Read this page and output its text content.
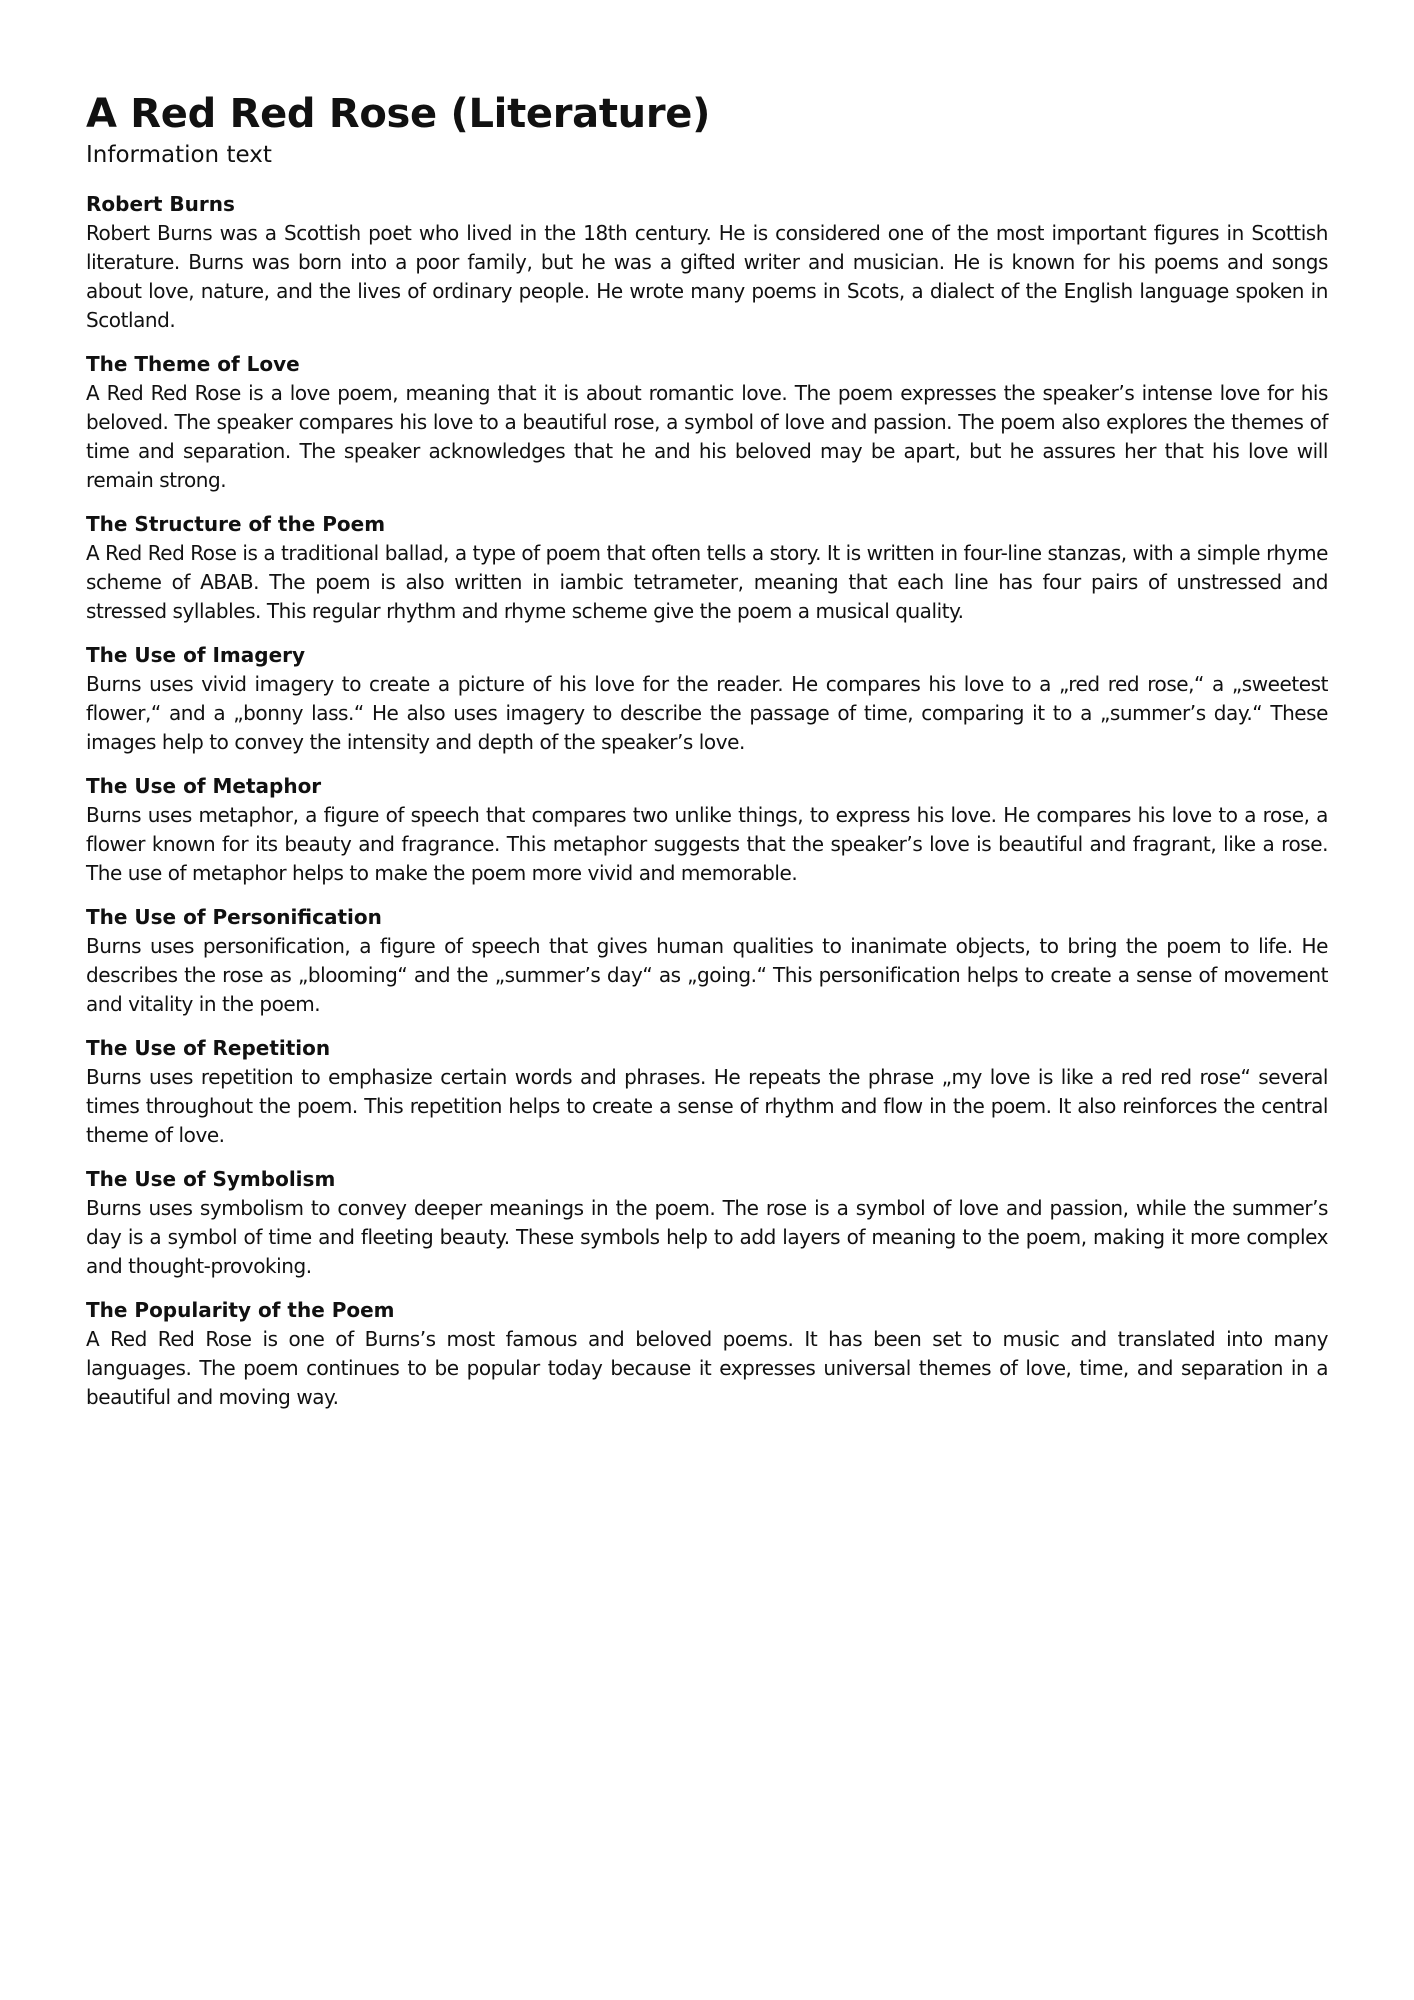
A Red Red Rose (Literature)

Information text

Robert Burns

Robert Burns was a Scottish poet who lived in the 18th century. He is considered one of the most important figures in Scottish literature. Burns was born into a poor family, but he was a gifted writer and musician. He is known for his poems and songs about love, nature, and the lives of ordinary people. He wrote many poems in Scots, a dialect of the English language spoken in Scotland.

The Theme of Love

A Red Red Rose is a love poem, meaning that it is about romantic love. The poem expresses the speaker’s intense love for his beloved. The speaker compares his love to a beautiful rose, a symbol of love and passion. The poem also explores the themes of time and separation. The speaker acknowledges that he and his beloved may be apart, but he assures her that his love will remain strong.

The Structure of the Poem

A Red Red Rose is a traditional ballad, a type of poem that often tells a story. It is written in four-line stanzas, with a simple rhyme scheme of ABAB. The poem is also written in iambic tetrameter, meaning that each line has four pairs of unstressed and stressed syllables. This regular rhythm and rhyme scheme give the poem a musical quality.

The Use of Imagery

Burns uses vivid imagery to create a picture of his love for the reader. He compares his love to a „red red rose,“ a „sweetest flower,“ and a „bonny lass.“ He also uses imagery to describe the passage of time, comparing it to a „summer’s day.“ These images help to convey the intensity and depth of the speaker’s love.

The Use of Metaphor

Burns uses metaphor, a figure of speech that compares two unlike things, to express his love. He compares his love to a rose, a flower known for its beauty and fragrance. This metaphor suggests that the speaker’s love is beautiful and fragrant, like a rose. The use of metaphor helps to make the poem more vivid and memorable.

The Use of Personification

Burns uses personification, a figure of speech that gives human qualities to inanimate objects, to bring the poem to life. He describes the rose as „blooming“ and the „summer’s day“ as „going.“ This personification helps to create a sense of movement and vitality in the poem.

The Use of Repetition

Burns uses repetition to emphasize certain words and phrases. He repeats the phrase „my love is like a red red rose“ several times throughout the poem. This repetition helps to create a sense of rhythm and flow in the poem. It also reinforces the central theme of love.

The Use of Symbolism

Burns uses symbolism to convey deeper meanings in the poem. The rose is a symbol of love and passion, while the summer’s day is a symbol of time and fleeting beauty. These symbols help to add layers of meaning to the poem, making it more complex and thought-provoking.

The Popularity of the Poem

A Red Red Rose is one of Burns’s most famous and beloved poems. It has been set to music and translated into many languages. The poem continues to be popular today because it expresses universal themes of love, time, and separation in a beautiful and moving way.
